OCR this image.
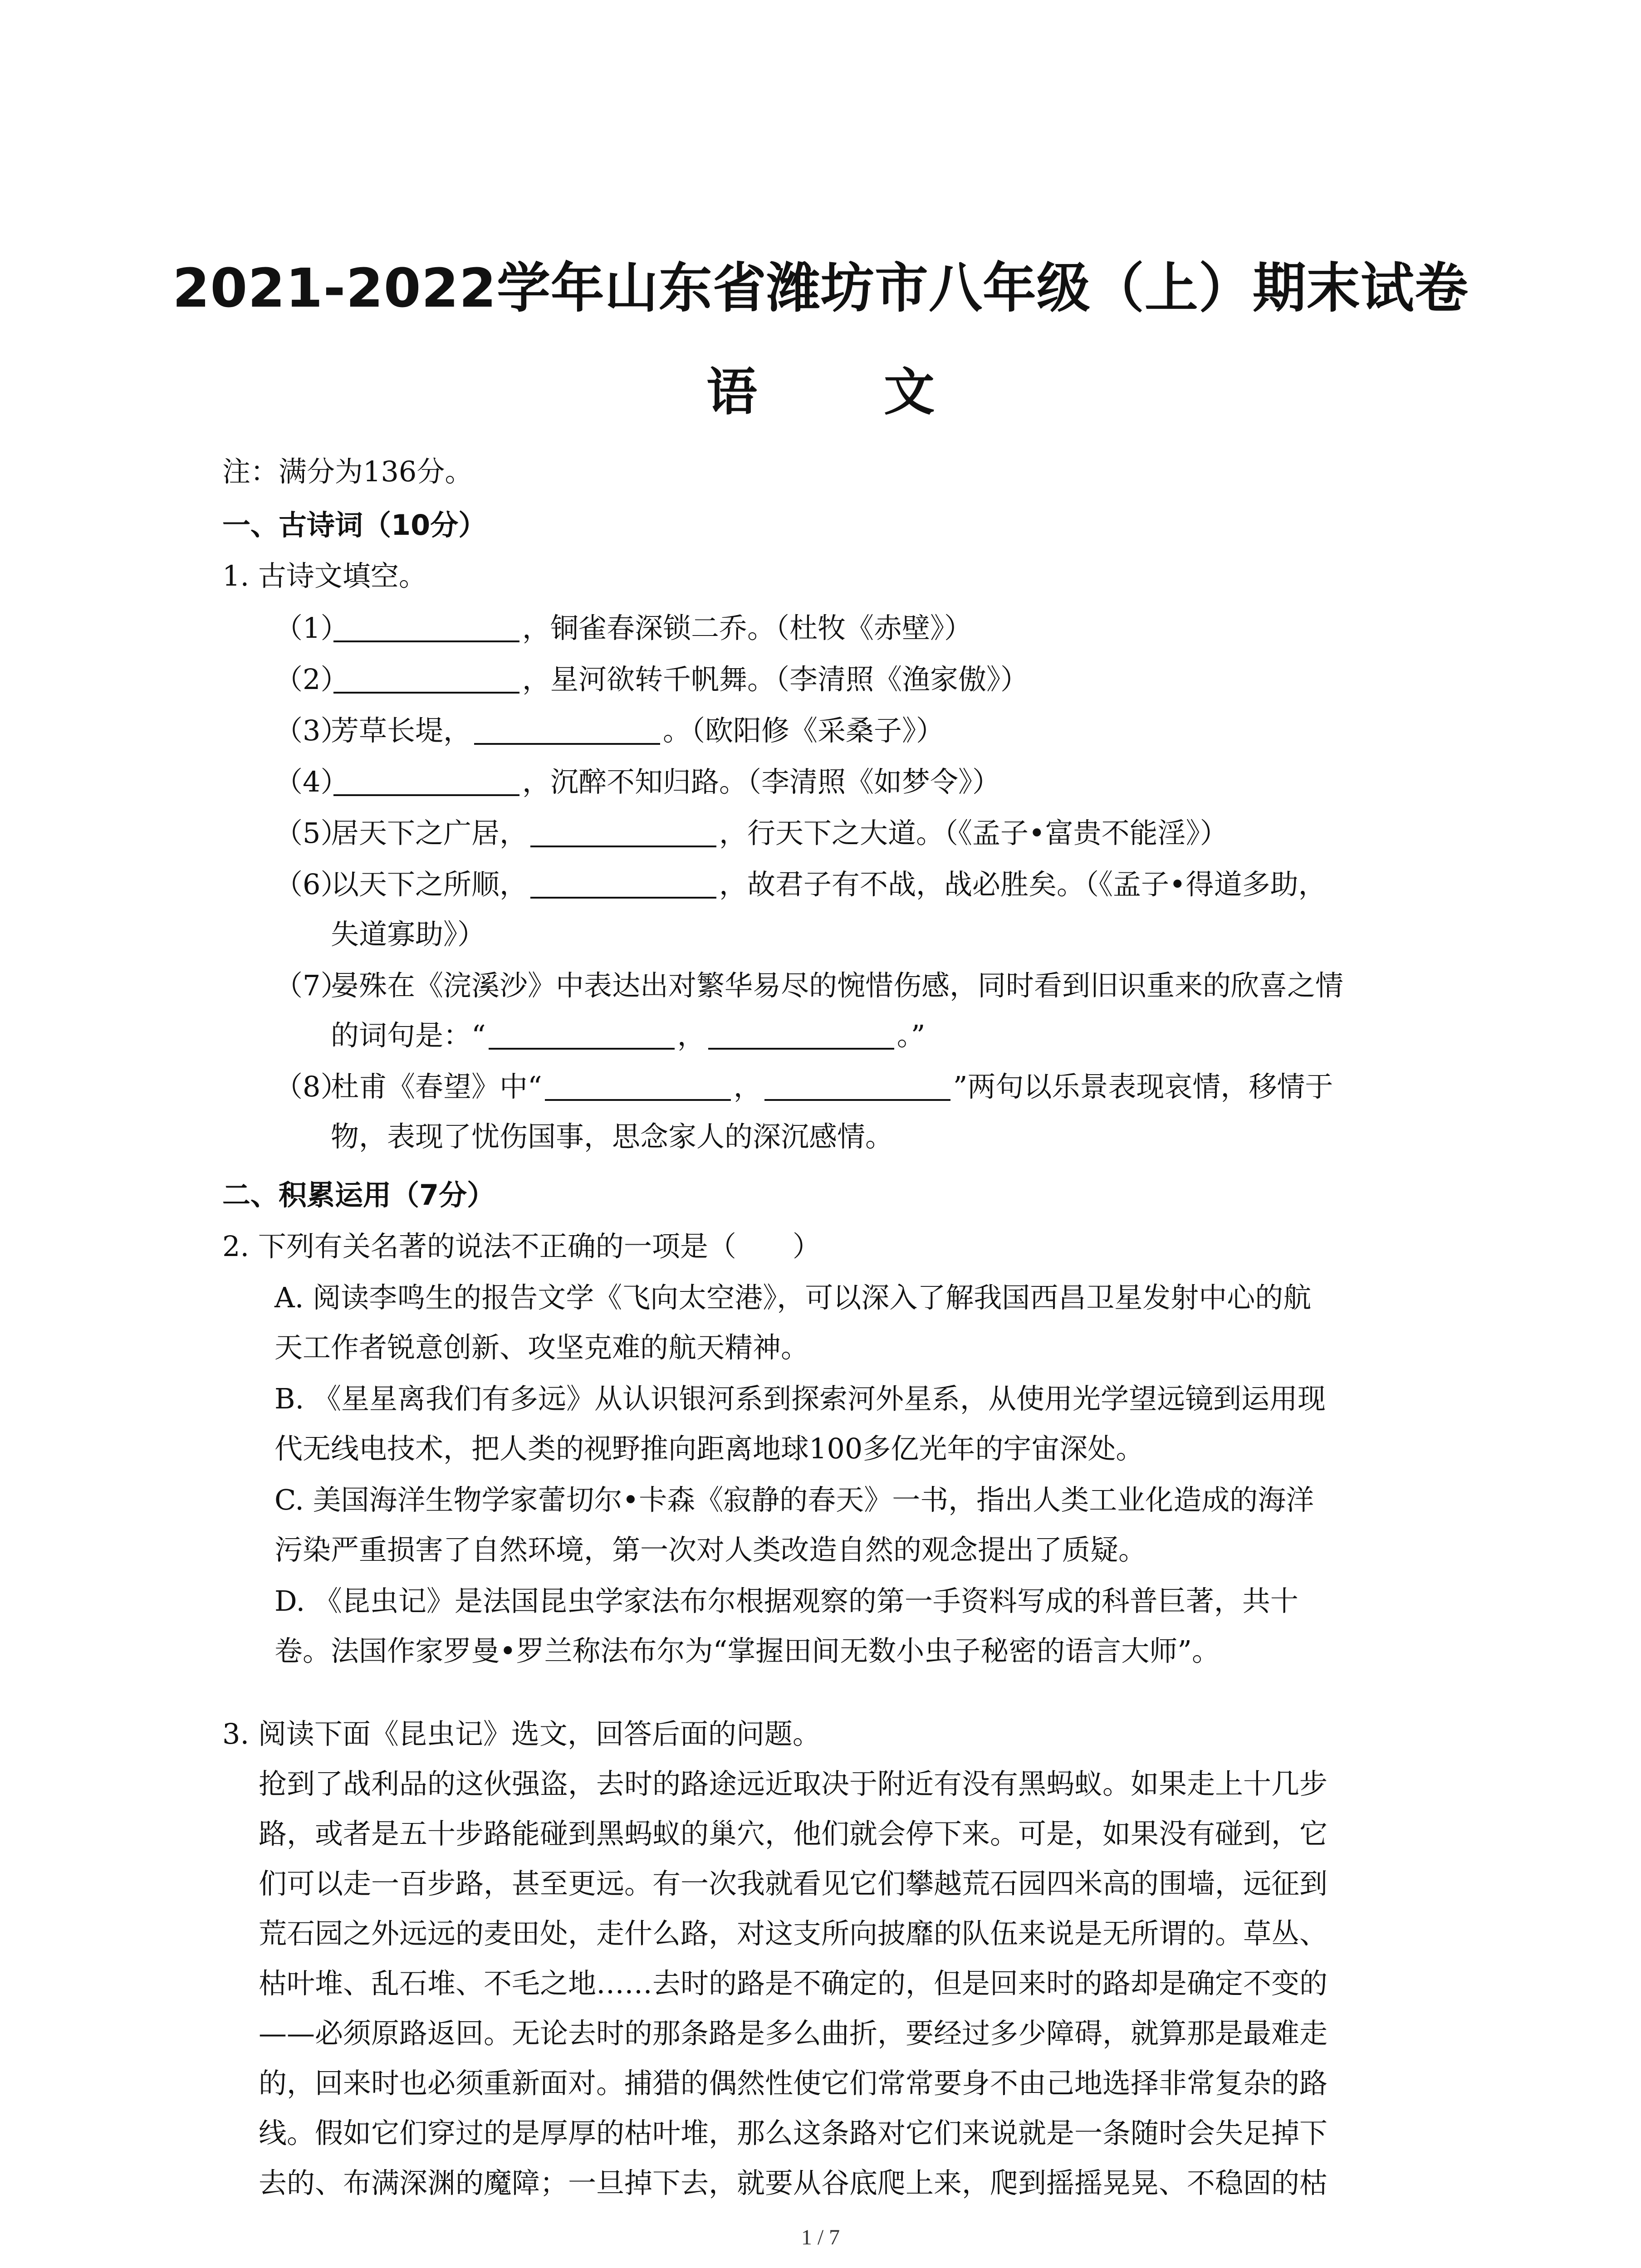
2021-2022学年山东省潍坊市八年级（上）期末试卷
语 文
注：满分为136分。
一、古诗词（10分）
1. 古诗文填空。
（1）	，铜雀春深锁二乔。（杜牧《赤壁》）
（2）	，星河欲转千帆舞。（李清照《渔家傲》）
（3）芳草长堤，	。（欧阳修《采桑子》）
（4）	，沉醉不知归路。（李清照《如梦令》）
（5）居天下之广居，	，行天下之大道。（《孟子•富贵不能淫》）
（6）以天下之所顺，	，故君子有不战，战必胜矣。（《孟子•得道多助，
失道寡助》）
（7）晏殊在《浣溪沙》中表达出对繁华易尽的惋惜伤感，同时看到旧识重来的欣喜之情
的词句是：“	，	。”
（8）杜甫《春望》中“	，	”两句以乐景表现哀情，移情于
物，表现了忧伤国事，思念家人的深沉感情。
二、积累运用（7分）
2. 下列有关名著的说法不正确的一项是（　　）
A. 阅读李鸣生的报告文学《飞向太空港》，可以深入了解我国西昌卫星发射中心的航
天工作者锐意创新、攻坚克难的航天精神。
B. 《星星离我们有多远》从认识银河系到探索河外星系，从使用光学望远镜到运用现
代无线电技术，把人类的视野推向距离地球100多亿光年的宇宙深处。
C. 美国海洋生物学家蕾切尔•卡森《寂静的春天》一书，指出人类工业化造成的海洋
污染严重损害了自然环境，第一次对人类改造自然的观念提出了质疑。
D. 《昆虫记》是法国昆虫学家法布尔根据观察的第一手资料写成的科普巨著，共十
卷。法国作家罗曼•罗兰称法布尔为“掌握田间无数小虫子秘密的语言大师”。
3. 阅读下面《昆虫记》选文，回答后面的问题。
抢到了战利品的这伙强盗，去时的路途远近取决于附近有没有黑蚂蚁。如果走上十几步
路，或者是五十步路能碰到黑蚂蚁的巢穴，他们就会停下来。可是，如果没有碰到，它
们可以走一百步路，甚至更远。有一次我就看见它们攀越荒石园四米高的围墙，远征到
荒石园之外远远的麦田处，走什么路，对这支所向披靡的队伍来说是无所谓的。草丛、
枯叶堆、乱石堆、不毛之地……去时的路是不确定的，但是回来时的路却是确定不变的
——必须原路返回。无论去时的那条路是多么曲折，要经过多少障碍，就算那是最难走
的，回来时也必须重新面对。捕猎的偶然性使它们常常要身不由己地选择非常复杂的路
线。假如它们穿过的是厚厚的枯叶堆，那么这条路对它们来说就是一条随时会失足掉下
去的、布满深渊的魔障；一旦掉下去，就要从谷底爬上来，爬到摇摇晃晃、不稳固的枯
1 / 7
